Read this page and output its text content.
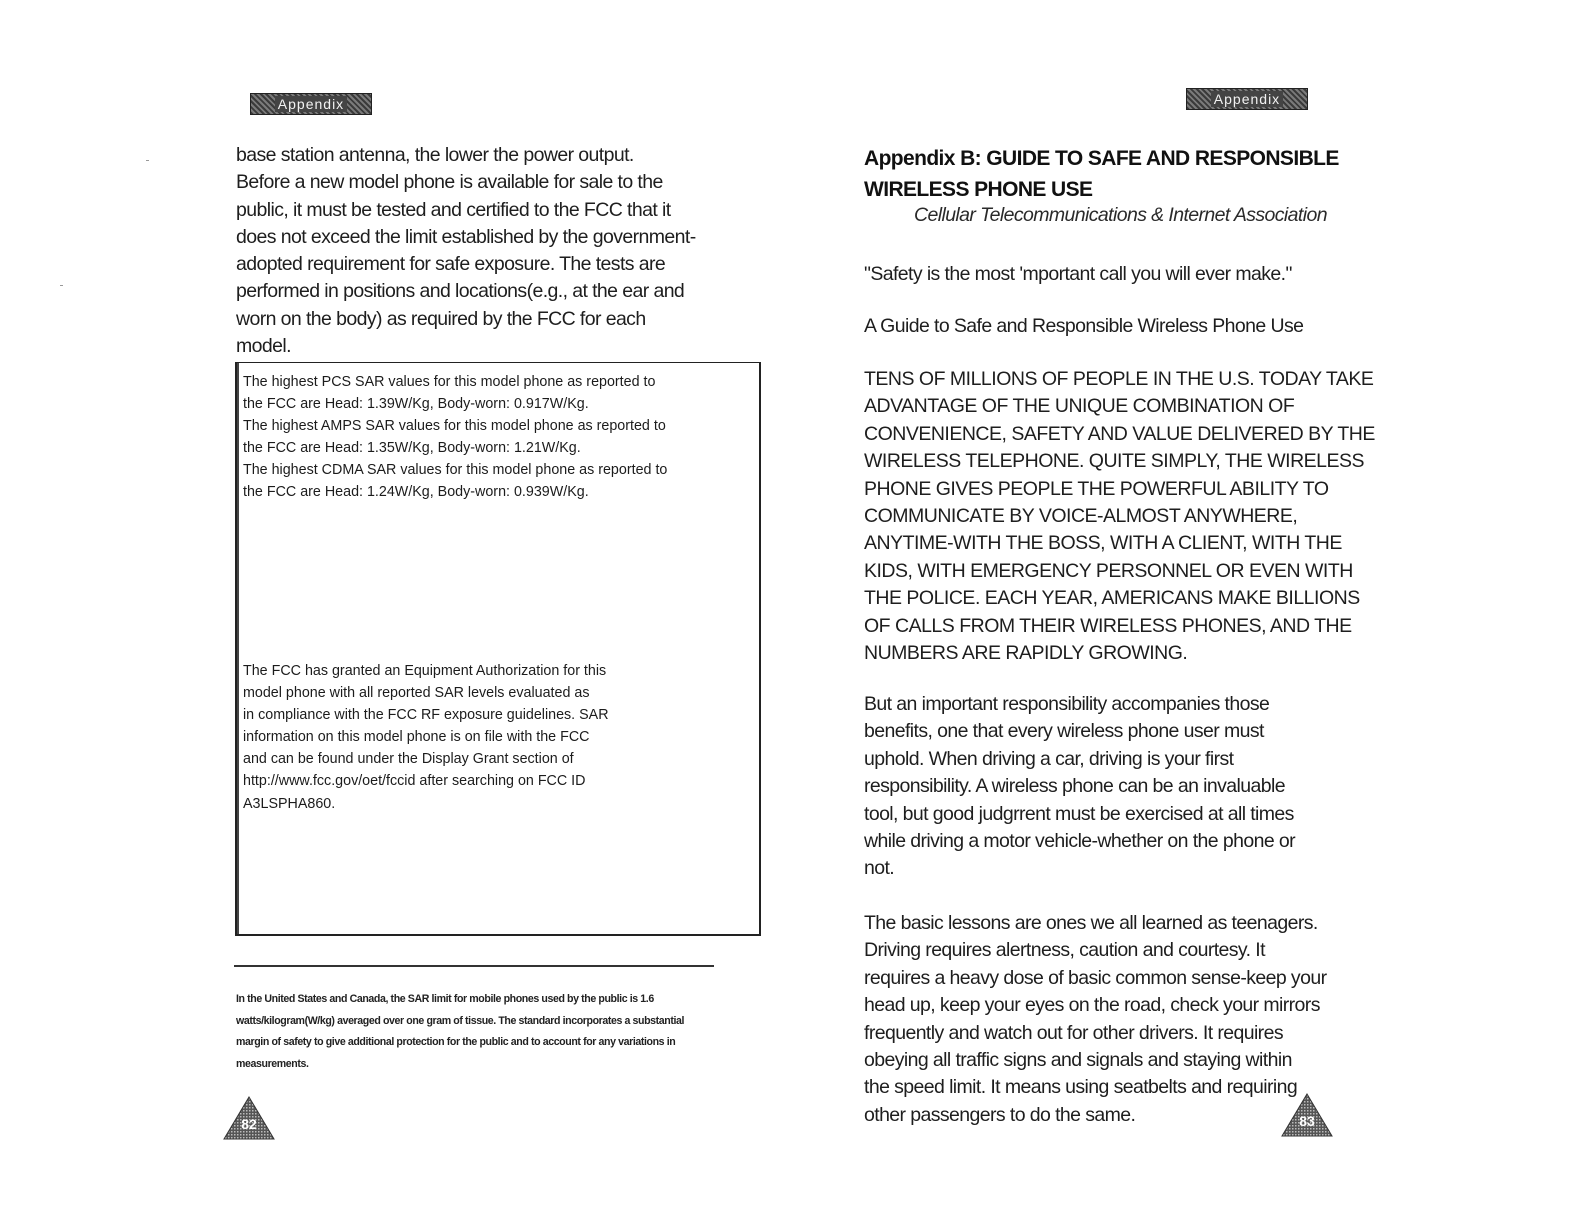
Appendix

base station antenna, the lower the power output.

Before a new model phone is available for sale to the

public, it must be tested and certified to the FCC that it

does not exceed the limit established by the government-

adopted requirement for safe exposure. The tests are

performed in positions and locations(e.g., at the ear and

worn on the body) as required by the FCC for each

model.

The highest PCS SAR values for this model phone as reported to

the FCC are Head: 1.39W/Kg, Body-worn: 0.917W/Kg.

The highest AMPS SAR values for this model phone as reported to

the FCC are Head: 1.35W/Kg, Body-worn: 1.21W/Kg.

The highest CDMA SAR values for this model phone as reported to

the FCC are Head: 1.24W/Kg, Body-worn: 0.939W/Kg.

The FCC has granted an Equipment Authorization for this

model phone with all reported SAR levels evaluated as

in compliance with the FCC RF exposure guidelines. SAR

information on this model phone is on file with the FCC

and can be found under the Display Grant section of

http://www.fcc.gov/oet/fccid after searching on FCC ID

A3LSPHA860.

In the United States and Canada, the SAR limit for mobile phones used by the public is 1.6

watts/kilogram(W/kg) averaged over one gram of tissue. The standard incorporates a substantial

margin of safety to give additional protection for the public and to account for any variations in

measurements.

82
Appendix

Appendix B: GUIDE TO SAFE AND RESPONSIBLE

WIRELESS PHONE USE

Cellular Telecommunications & Internet Association
"Safety is the most 'mportant call you will ever make."
A Guide to Safe and Responsible Wireless Phone Use

TENS OF MILLIONS OF PEOPLE IN THE U.S. TODAY TAKE

ADVANTAGE OF THE UNIQUE COMBINATION OF

CONVENIENCE, SAFETY AND VALUE DELIVERED BY THE

WIRELESS TELEPHONE. QUITE SIMPLY, THE WIRELESS

PHONE GIVES PEOPLE THE POWERFUL ABILITY TO

COMMUNICATE BY VOICE-ALMOST ANYWHERE,

ANYTIME-WITH THE BOSS, WITH A CLIENT, WITH THE

KIDS, WITH EMERGENCY PERSONNEL OR EVEN WITH

THE POLICE. EACH YEAR, AMERICANS MAKE BILLIONS

OF CALLS FROM THEIR WIRELESS PHONES, AND THE

NUMBERS ARE RAPIDLY GROWING.

But an important responsibility accompanies those

benefits, one that every wireless phone user must

uphold. When driving a car, driving is your first

responsibility. A wireless phone can be an invaluable

tool, but good judgrrent must be exercised at all times

while driving a motor vehicle-whether on the phone or

not.

The basic lessons are ones we all learned as teenagers.

Driving requires alertness, caution and courtesy. It

requires a heavy dose of basic common sense-keep your

head up, keep your eyes on the road, check your mirrors

frequently and watch out for other drivers. It requires

obeying all traffic signs and signals and staying within

the speed limit. It means using seatbelts and requiring

other passengers to do the same.	83
